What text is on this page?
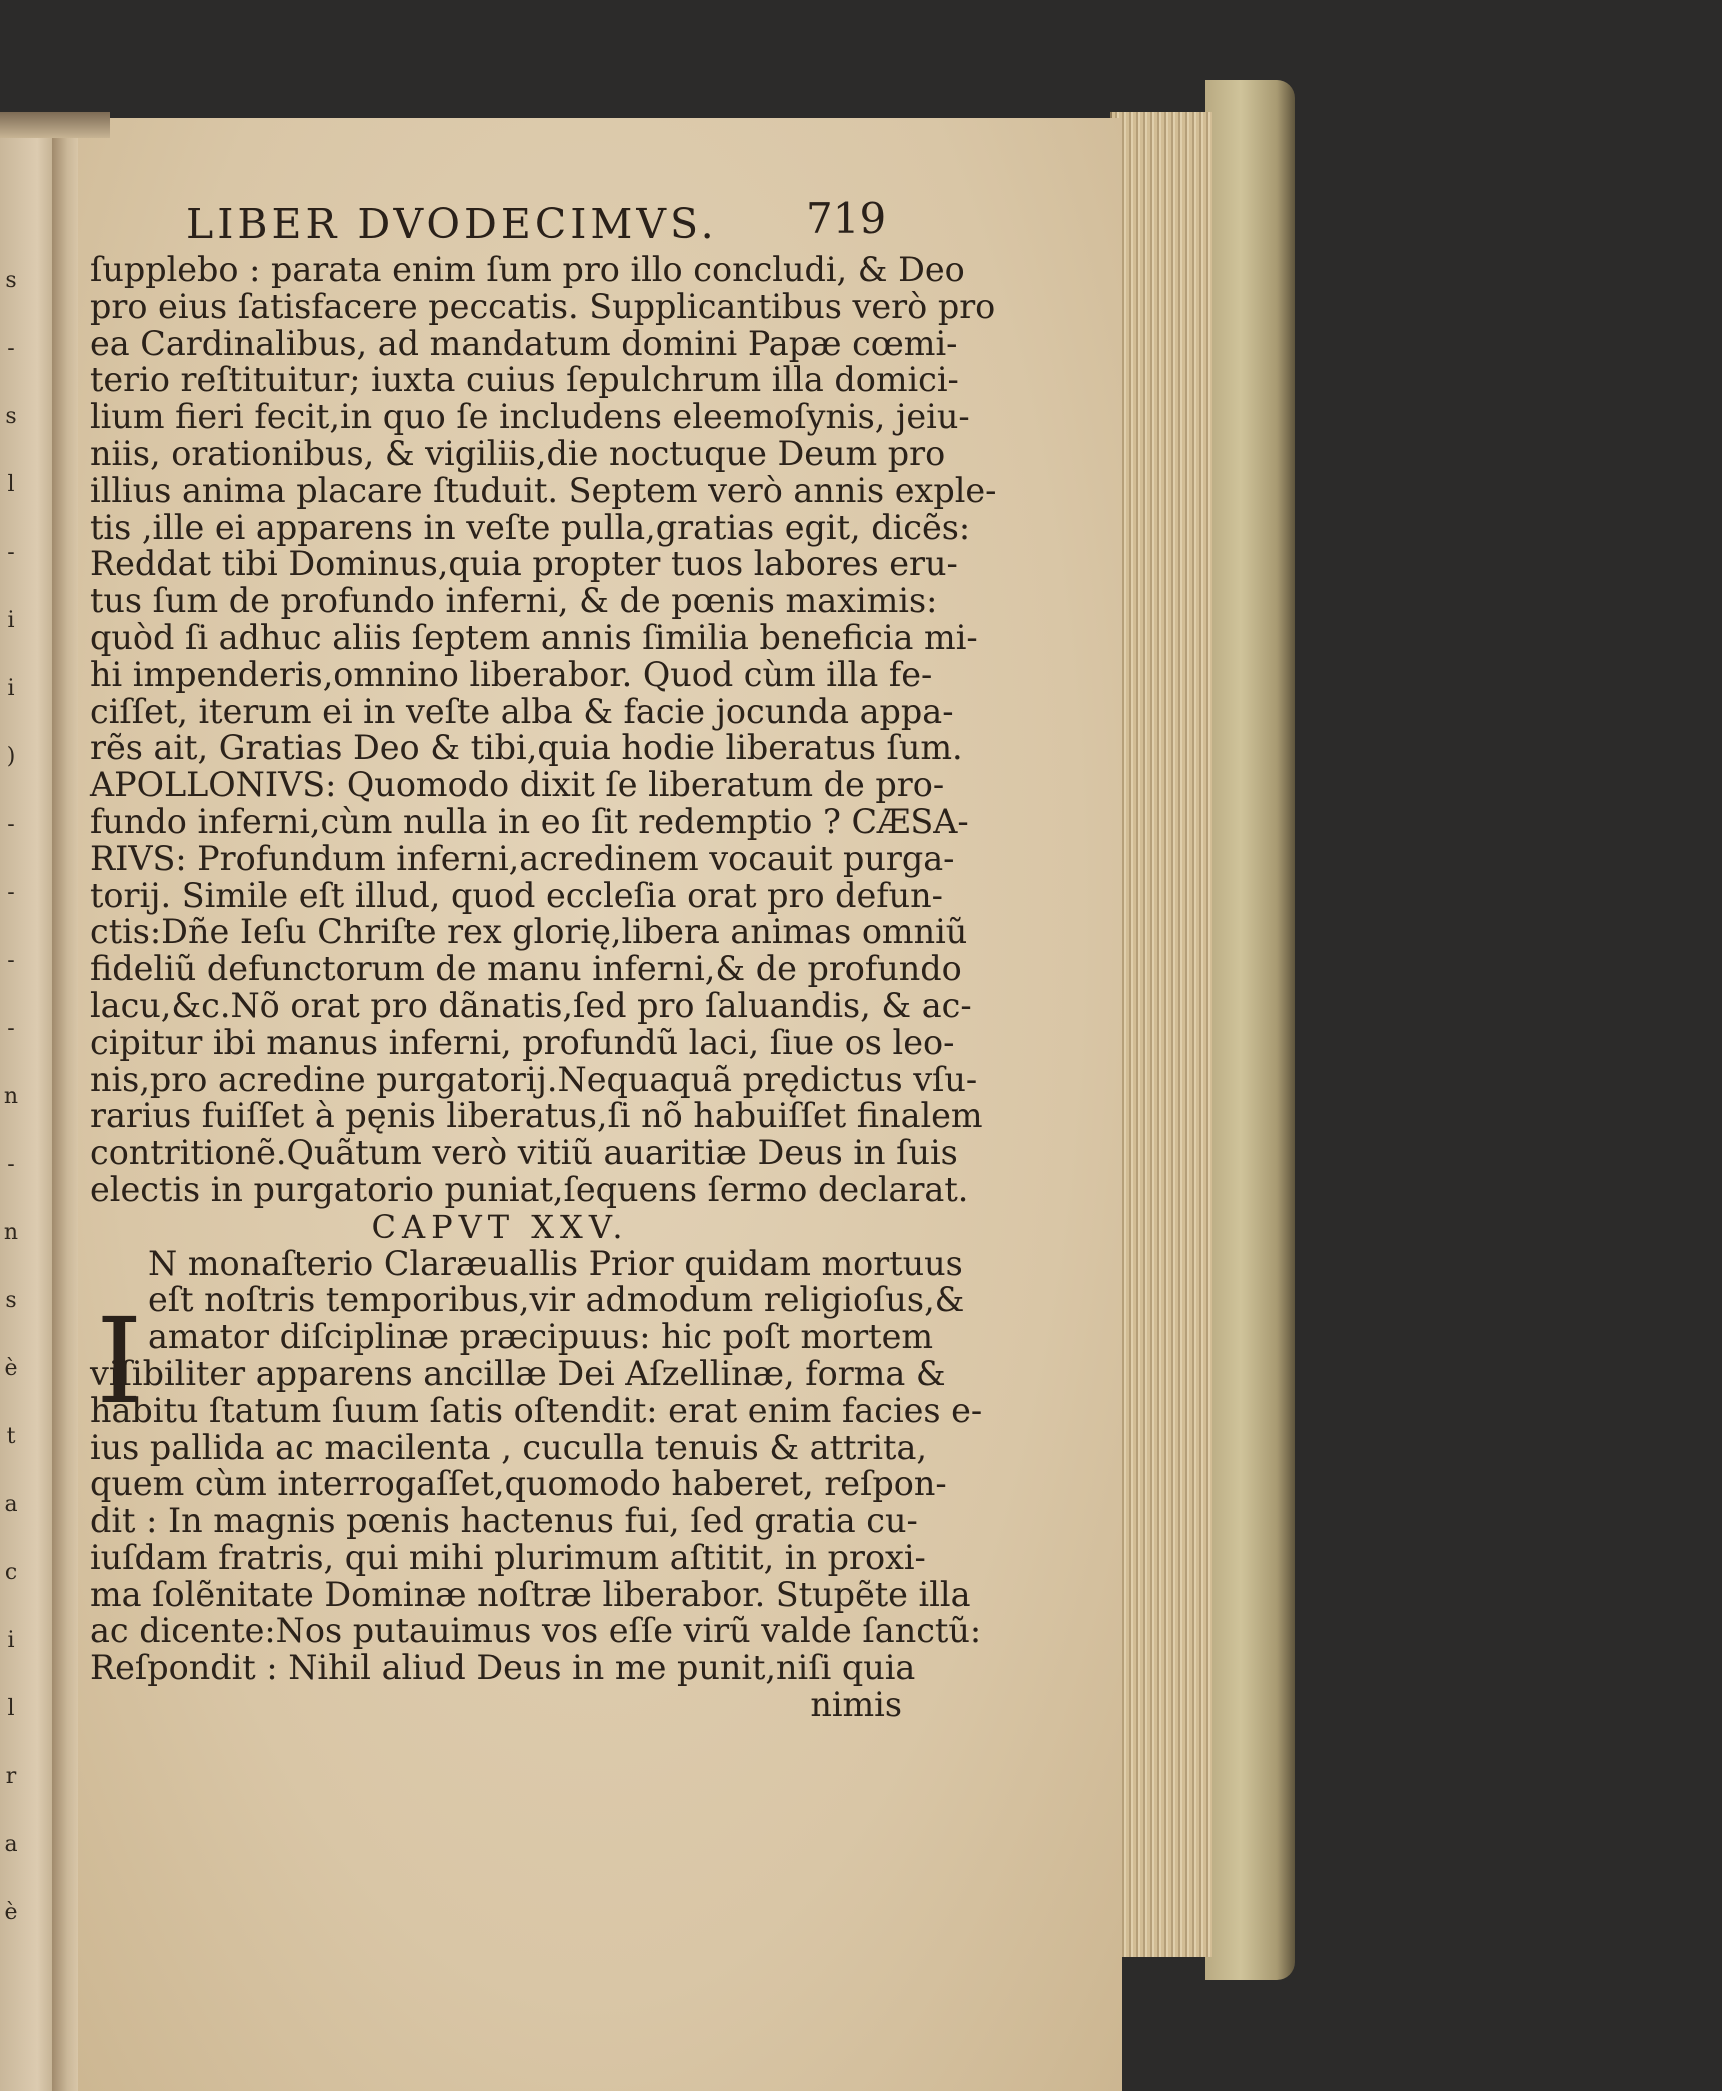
s
-
s
l
-
i
i
)
-
-
-
-
n
-
n
s
è
t
a
c
i
l
r
a
è
LIBER DVODECIMVS. 719
ſupplebo : parata enim ſum pro illo concludi, & Deo
pro eius ſatisfacere peccatis. Supplicantibus verò pro
ea Cardinalibus, ad mandatum domini Papæ cœmi-
terio reſtituitur; iuxta cuius ſepulchrum illa domici-
lium fieri fecit,in quo ſe includens eleemoſynis, jeiu-
niis, orationibus, & vigiliis,die noctuque Deum pro
illius anima placare ſtuduit. Septem verò annis exple-
tis ,ille ei apparens in veſte pulla,gratias egit, dicẽs:
Reddat tibi Dominus,quia propter tuos labores eru-
tus ſum de profundo inferni, & de pœnis maximis:
quòd ſi adhuc aliis ſeptem annis ſimilia beneficia mi-
hi impenderis,omnino liberabor. Quod cùm illa fe-
ciſſet, iterum ei in veſte alba & facie jocunda appa-
rẽs ait, Gratias Deo & tibi,quia hodie liberatus ſum.
APOLLONIVS: Quomodo dixit ſe liberatum de pro-
fundo inferni,cùm nulla in eo ſit redemptio ? CÆSA-
RIVS: Profundum inferni,acredinem vocauit purga-
torij. Simile eſt illud, quod eccleſia orat pro defun-
ctis:Dñe Ieſu Chriſte rex glorię,libera animas omniũ
fideliũ defunctorum de manu inferni,& de profundo
lacu,&c.Nõ orat pro dãnatis,ſed pro ſaluandis, & ac-
cipitur ibi manus inferni, profundũ laci, ſiue os leo-
nis,pro acredine purgatorij.Nequaquã prędictus vſu-
rarius fuiſſet à pęnis liberatus,ſi nõ habuiſſet finalem
contritionẽ.Quãtum verò vitiũ auaritiæ Deus in ſuis
electis in purgatorio puniat,ſequens ſermo declarat.
CAPVT XXV.
N monaſterio Claræuallis Prior quidam mortuus
eſt noſtris temporibus,vir admodum religioſus,&
amator diſciplinæ præcipuus: hic poſt mortem
viſibiliter apparens ancillæ Dei Aſzellinæ, forma &
habitu ſtatum ſuum ſatis oſtendit: erat enim facies e-
ius pallida ac macilenta , cuculla tenuis & attrita,
quem cùm interrogaſſet,quomodo haberet, reſpon-
dit : In magnis pœnis hactenus fui, ſed gratia cu-
iuſdam fratris, qui mihi plurimum aſtitit, in proxi-
ma ſolẽnitate Dominæ noſtræ liberabor. Stupẽte illa
ac dicente:Nos putauimus vos eſſe virũ valde ſanctũ:
Reſpondit : Nihil aliud Deus in me punit,niſi quia
nimis
I
